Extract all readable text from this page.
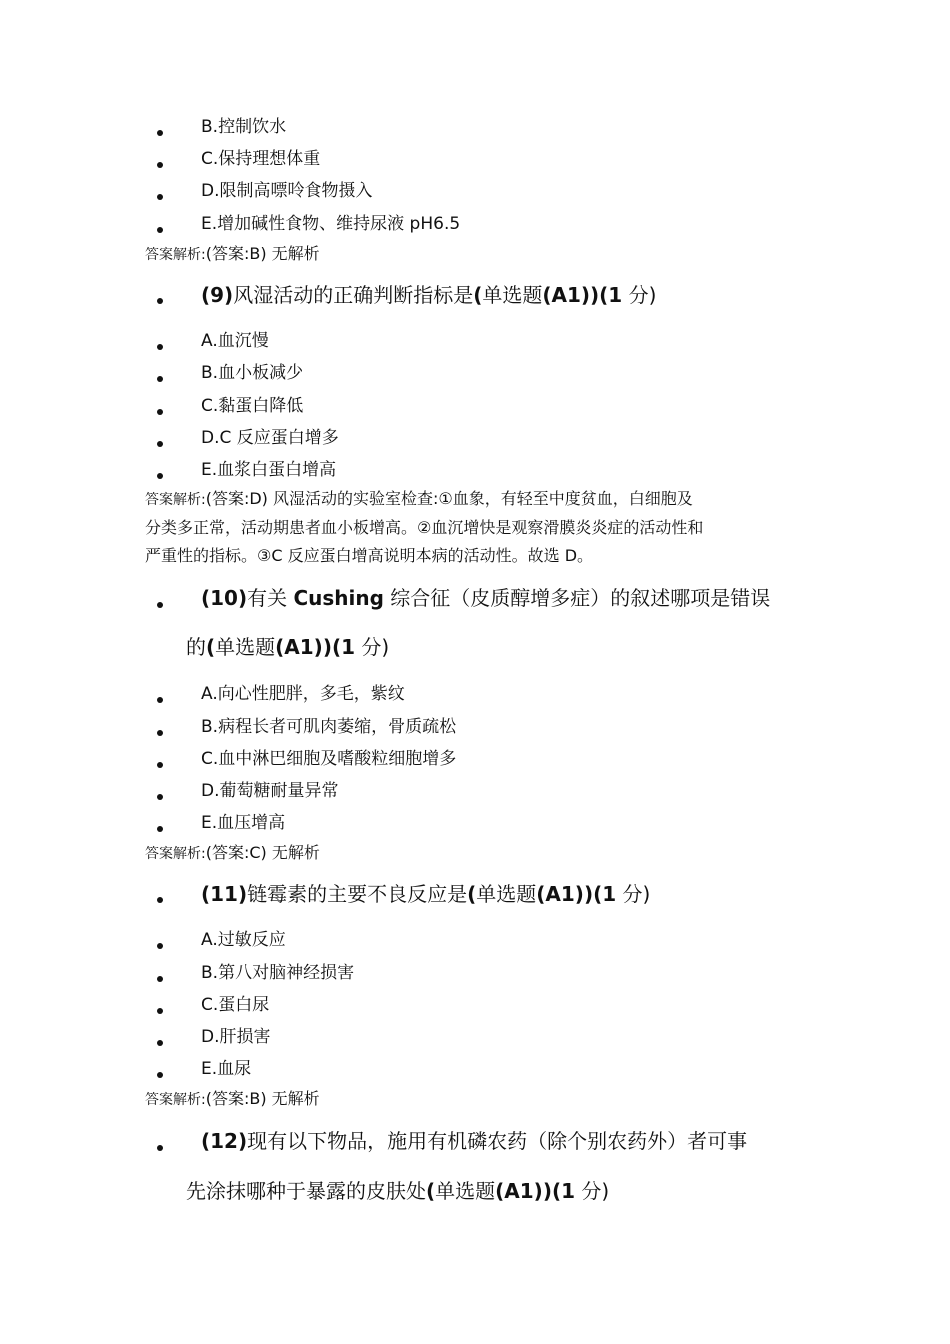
B.控制饮水
C.保持理想体重
D.限制高嘌呤食物摄入
E.增加碱性食物、维持尿液 pH6.5
答案解析:(答案:B) 无解析
(9)风湿活动的正确判断指标是(单选题(A1))(1 分)
A.血沉慢
B.血小板减少
C.黏蛋白降低
D.C 反应蛋白增多
E.血浆白蛋白增高
答案解析:(答案:D) 风湿活动的实验室检查:①血象，有轻至中度贫血，白细胞及
分类多正常，活动期患者血小板增高。②血沉增快是观察滑膜炎炎症的活动性和
严重性的指标。③C 反应蛋白增高说明本病的活动性。故选 D。
(10)有关 Cushing 综合征（皮质醇增多症）的叙述哪项是错误
的(单选题(A1))(1 分)
A.向心性肥胖，多毛，紫纹
B.病程长者可肌肉萎缩，骨质疏松
C.血中淋巴细胞及嗜酸粒细胞增多
D.葡萄糖耐量异常
E.血压增高
答案解析:(答案:C) 无解析
(11)链霉素的主要不良反应是(单选题(A1))(1 分)
A.过敏反应
B.第八对脑神经损害
C.蛋白尿
D.肝损害
E.血尿
答案解析:(答案:B) 无解析
(12)现有以下物品，施用有机磷农药（除个别农药外）者可事
先涂抹哪种于暴露的皮肤处(单选题(A1))(1 分)
